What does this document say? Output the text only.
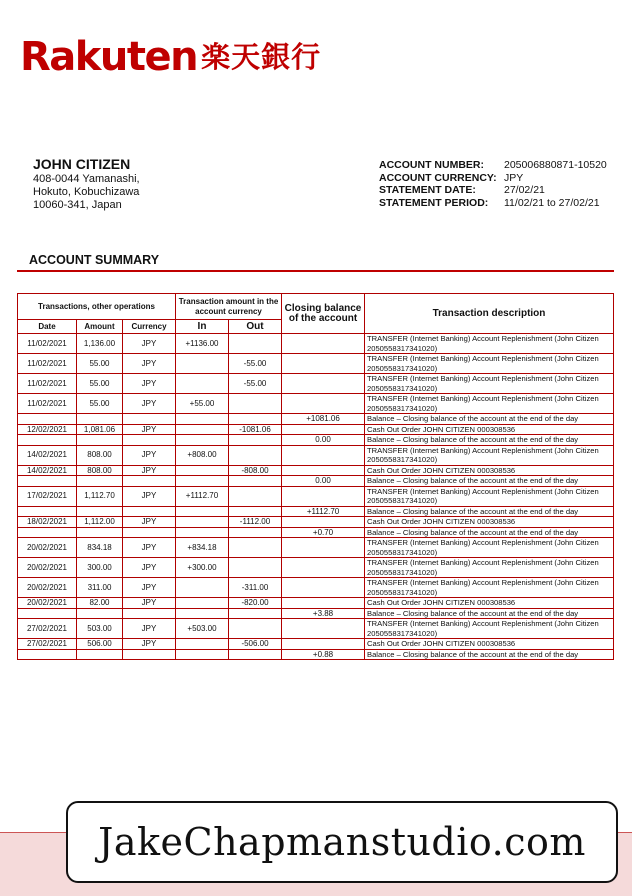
Rakuten 楽天銀行
JOHN CITIZEN
408-0044 Yamanashi,
Hokuto, Kobuchizawa
10060-341, Japan
ACCOUNT NUMBER:	205006880871-10520
ACCOUNT CURRENCY: JPY
STATEMENT DATE:	27/02/21
STATEMENT PERIOD:	11/02/21 to 27/02/21
ACCOUNT SUMMARY
Transactions, other operations			Transaction amount in the account currency		Closing balance of the account	Transaction description
Date	Amount	Currency	In	Out		
11/02/2021	1,136.00	JPY	+1136.00			TRANSFER (Internet Banking) Account Replenishment (John Citizen 2050558317341020)
11/02/2021	55.00	JPY		-55.00		TRANSFER (Internet Banking) Account Replenishment (John Citizen 2050558317341020)
11/02/2021	55.00	JPY		-55.00		TRANSFER (Internet Banking) Account Replenishment (John Citizen 2050558317341020)
11/02/2021	55.00	JPY	+55.00			TRANSFER (Internet Banking) Account Replenishment (John Citizen 2050558317341020)
					+1081.06	Balance – Closing balance of the account at the end of the day
12/02/2021	1,081.06	JPY		-1081.06		Cash Out Order JOHN CITIZEN 000308536
					0.00	Balance – Closing balance of the account at the end of the day
14/02/2021	808.00	JPY	+808.00			TRANSFER (Internet Banking) Account Replenishment (John Citizen 2050558317341020)
14/02/2021	808.00	JPY		-808.00		Cash Out Order JOHN CITIZEN 000308536
					0.00	Balance – Closing balance of the account at the end of the day
17/02/2021	1,112.70	JPY	+1112.70			TRANSFER (Internet Banking) Account Replenishment (John Citizen 2050558317341020)
					+1112.70	Balance – Closing balance of the account at the end of the day
18/02/2021	1,112.00	JPY		-1112.00		Cash Out Order JOHN CITIZEN 000308536
					+0.70	Balance – Closing balance of the account at the end of the day
20/02/2021	834.18	JPY	+834.18			TRANSFER (Internet Banking) Account Replenishment (John Citizen 2050558317341020)
20/02/2021	300.00	JPY	+300.00			TRANSFER (Internet Banking) Account Replenishment (John Citizen 2050558317341020)
20/02/2021	311.00	JPY		-311.00		TRANSFER (Internet Banking) Account Replenishment (John Citizen 2050558317341020)
20/02/2021	82.00	JPY		-820.00		Cash Out Order JOHN CITIZEN 000308536
					+3.88	Balance – Closing balance of the account at the end of the day
27/02/2021	503.00	JPY	+503.00			TRANSFER (Internet Banking) Account Replenishment (John Citizen 2050558317341020)
27/02/2021	506.00	JPY		-506.00		Cash Out Order JOHN CITIZEN 000308536
					+0.88	Balance – Closing balance of the account at the end of the day
JakeChapmanstudio.com
